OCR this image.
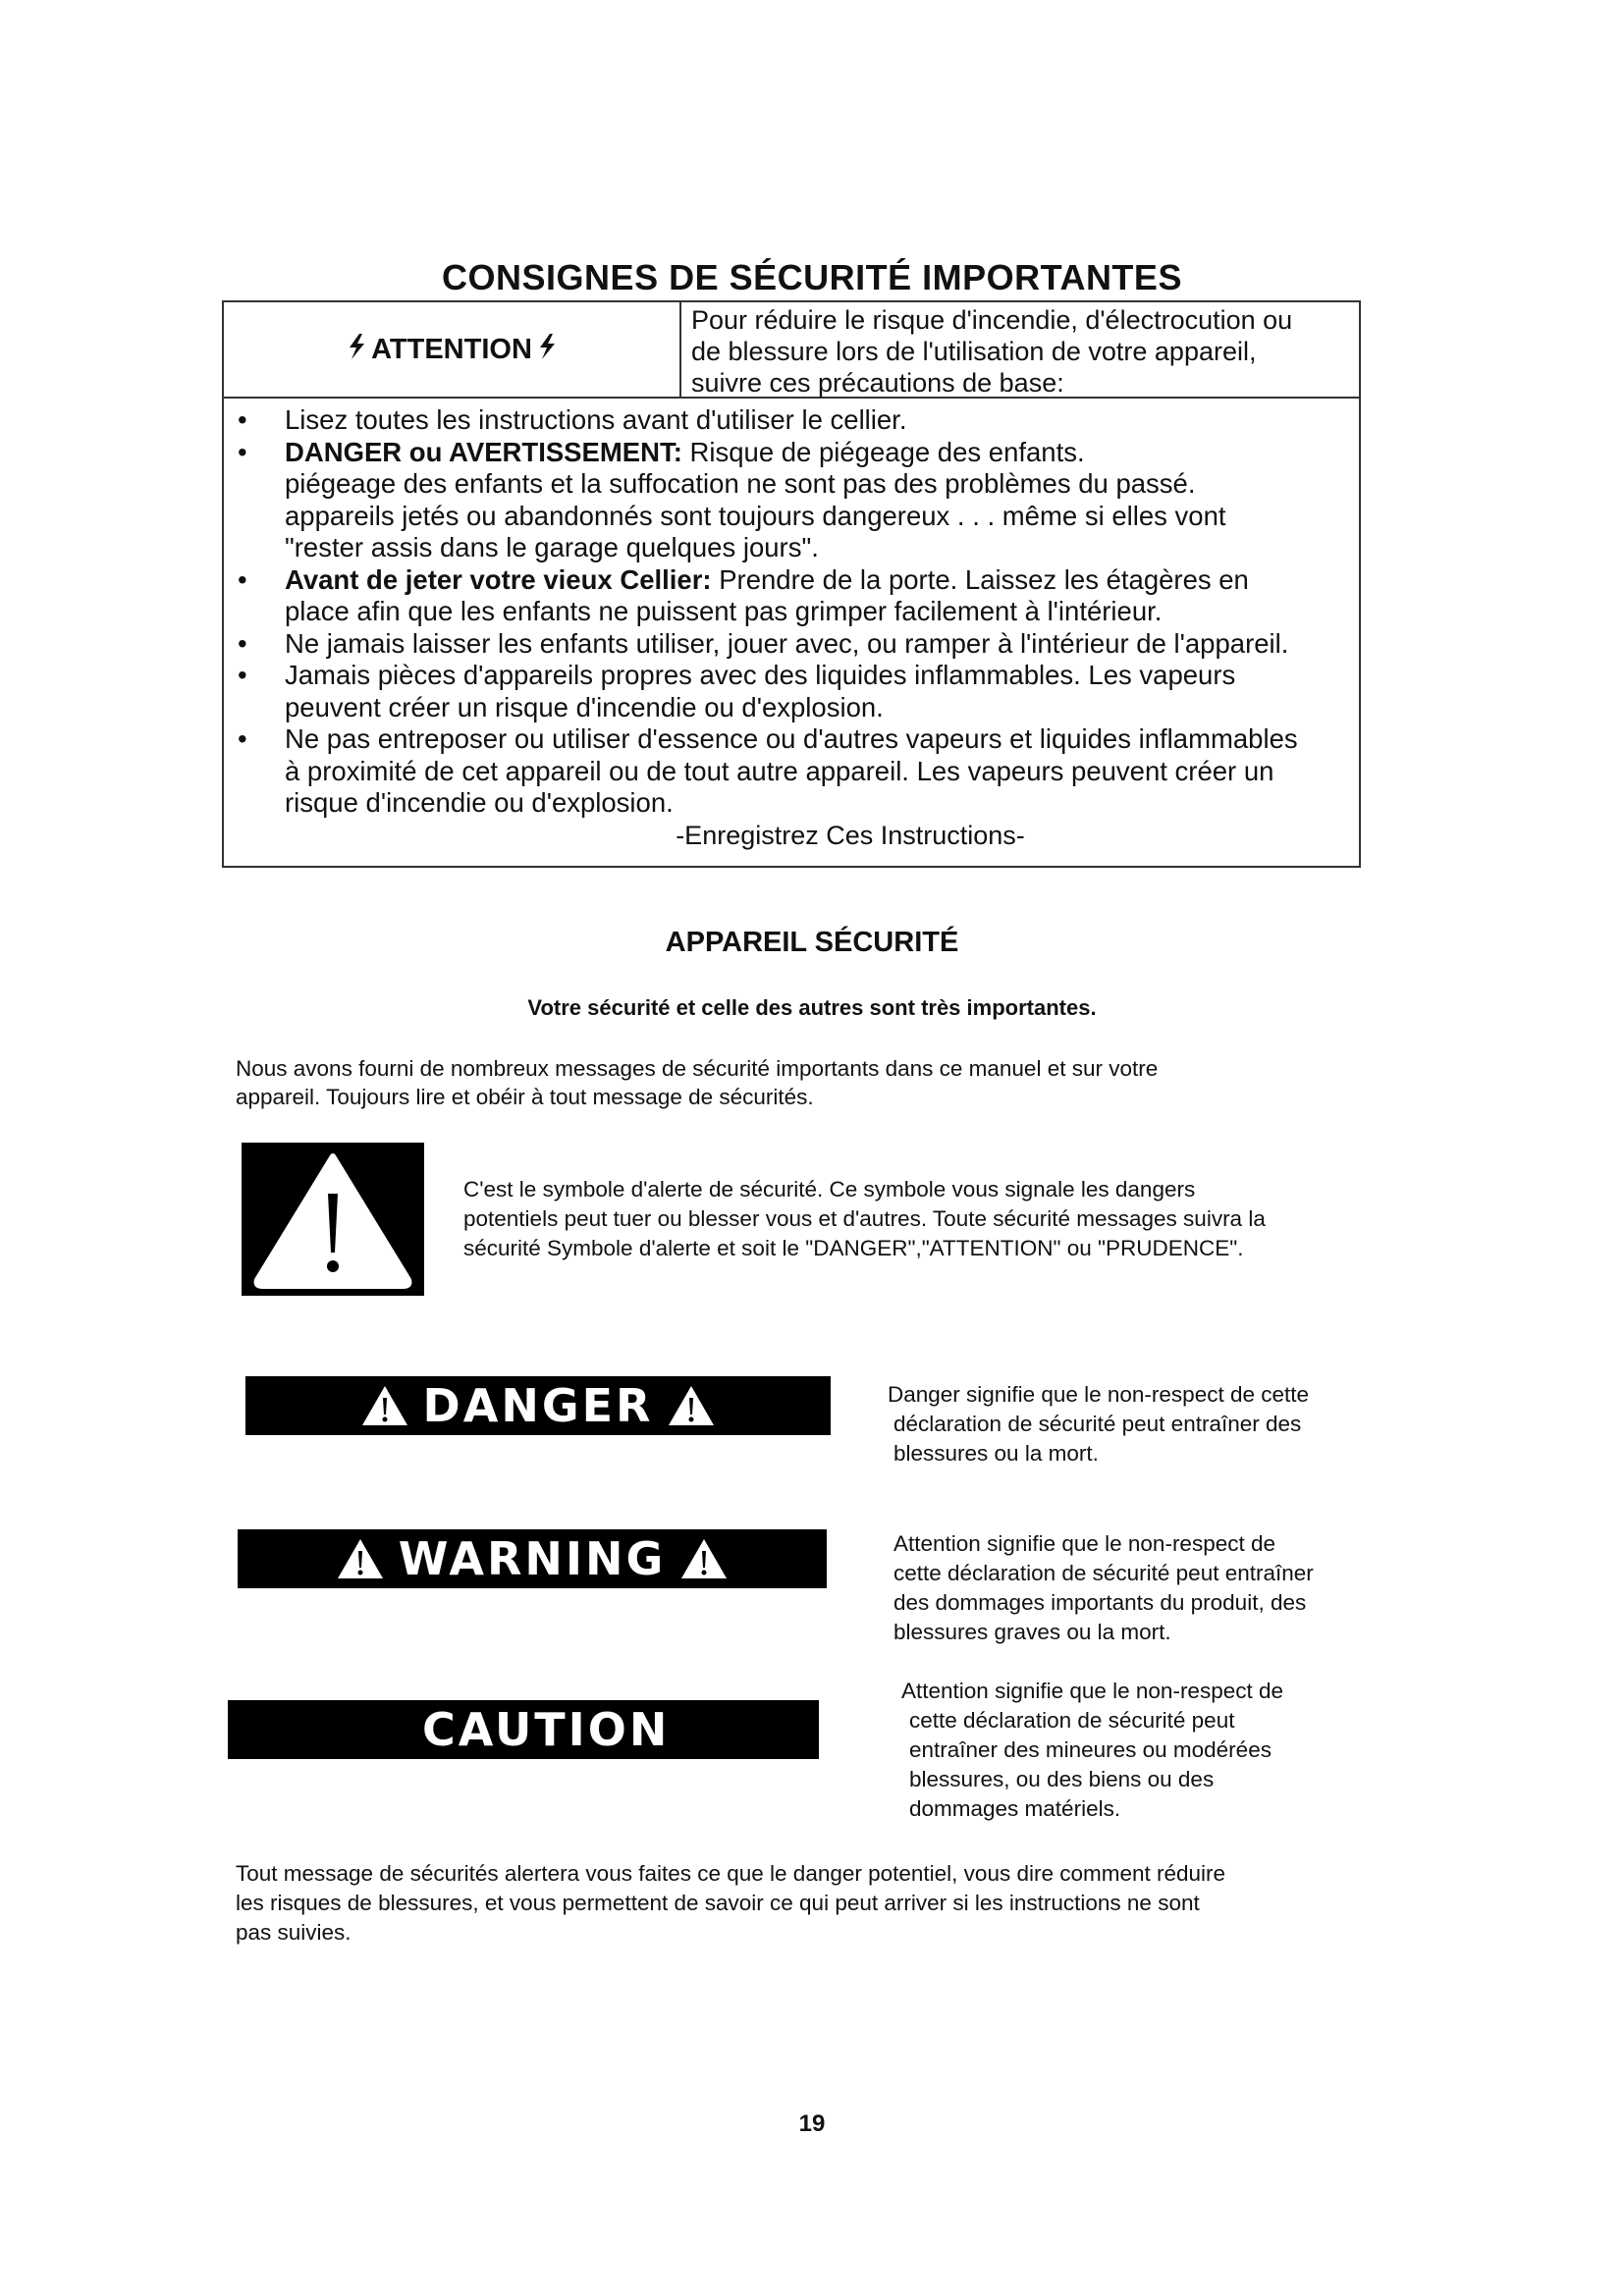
CONSIGNES DE SÉCURITÉ IMPORTANTES
ATTENTION
Pour réduire le risque d'incendie, d'électrocution ou
de blessure lors de l'utilisation de votre appareil,
suivre ces précautions de base:
• Lisez toutes les instructions avant d'utiliser le cellier.
• DANGER ou AVERTISSEMENT: Risque de piégeage des enfants.
piégeage des enfants et la suffocation ne sont pas des problèmes du passé.
appareils jetés ou abandonnés sont toujours dangereux . . . même si elles vont
"rester assis dans le garage quelques jours".
• Avant de jeter votre vieux Cellier: Prendre de la porte. Laissez les étagères en
place afin que les enfants ne puissent pas grimper facilement à l'intérieur.
• Ne jamais laisser les enfants utiliser, jouer avec, ou ramper à l'intérieur de l'appareil.
• Jamais pièces d'appareils propres avec des liquides inflammables. Les vapeurs
peuvent créer un risque d'incendie ou d'explosion.
• Ne pas entreposer ou utiliser d'essence ou d'autres vapeurs et liquides inflammables
à proximité de cet appareil ou de tout autre appareil. Les vapeurs peuvent créer un
risque d'incendie ou d'explosion.
-Enregistrez Ces Instructions-
APPAREIL SÉCURITÉ
Votre sécurité et celle des autres sont très importantes.
Nous avons fourni de nombreux messages de sécurité importants dans ce manuel et sur votre
appareil. Toujours lire et obéir à tout message de sécurités.
C'est le symbole d'alerte de sécurité. Ce symbole vous signale les dangers
potentiels peut tuer ou blesser vous et d'autres. Toute sécurité messages suivra la
sécurité Symbole d'alerte et soit le "DANGER","ATTENTION" ou "PRUDENCE".
DANGER	Danger signifie que le non-respect de cette
déclaration de sécurité peut entraîner des
blessures ou la mort.
WARNING	Attention signifie que le non-respect de
cette déclaration de sécurité peut entraîner
des dommages importants du produit, des
blessures graves ou la mort.
CAUTION
Attention signifie que le non-respect de
cette déclaration de sécurité peut
entraîner des mineures ou modérées
blessures, ou des biens ou des
dommages matériels.
Tout message de sécurités alertera vous faites ce que le danger potentiel, vous dire comment réduire
les risques de blessures, et vous permettent de savoir ce qui peut arriver si les instructions ne sont
pas suivies.
19
